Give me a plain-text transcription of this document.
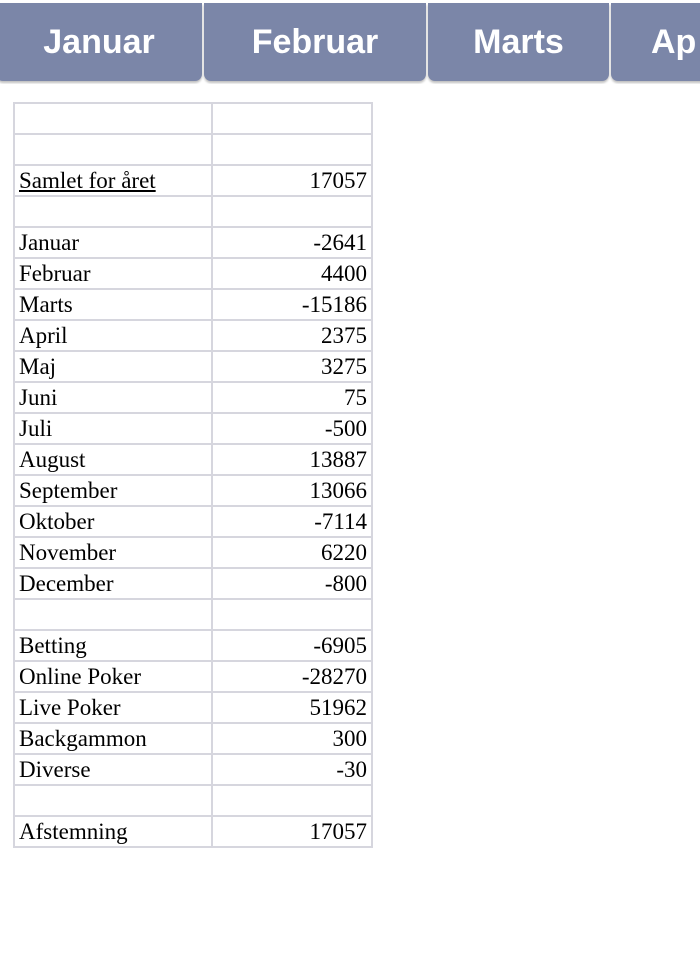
Januar	Februar	Marts	Ap

Samlet for året	17057

Januar	-2641
Februar	4400
Marts	-15186
April	2375
Maj	3275
Juni	75
Juli	-500
August	13887
September	13066
Oktober	-7114
November	6220
December	-800

Betting	-6905
Online Poker	-28270
Live Poker	51962
Backgammon	300
Diverse	-30

Afstemning	17057
